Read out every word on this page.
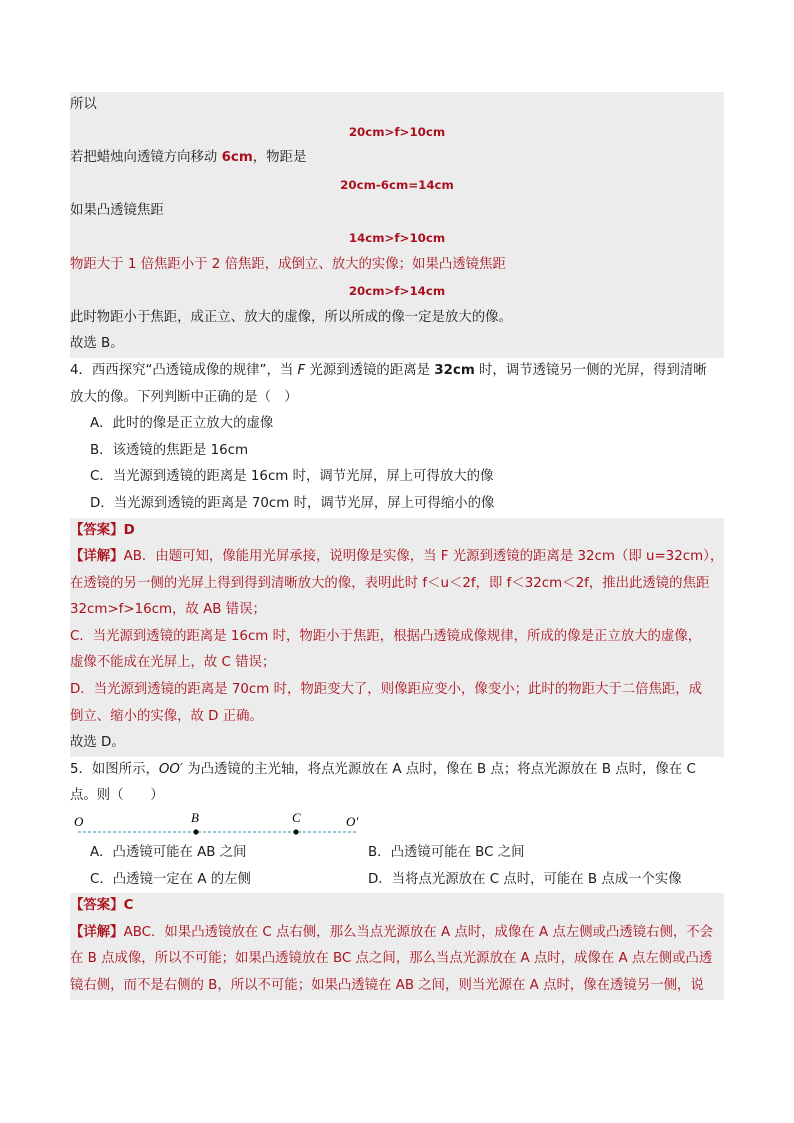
所以
20cm>f>10cm
若把蜡烛向透镜方向移动 6cm，物距是
20cm-6cm=14cm
如果凸透镜焦距
14cm>f>10cm
物距大于 1 倍焦距小于 2 倍焦距，成倒立、放大的实像；如果凸透镜焦距
20cm>f>14cm
此时物距小于焦距，成正立、放大的虚像，所以所成的像一定是放大的像。
故选 B。
4．西西探究“凸透镜成像的规律”，当 F 光源到透镜的距离是 32cm 时，调节透镜另一侧的光屏，得到清晰
放大的像。下列判断中正确的是（　）
A．此时的像是正立放大的虚像
B．该透镜的焦距是 16cm
C．当光源到透镜的距离是 16cm 时，调节光屏，屏上可得放大的像
D．当光源到透镜的距离是 70cm 时，调节光屏，屏上可得缩小的像
【答案】D
【详解】AB．由题可知，像能用光屏承接，说明像是实像，当 F 光源到透镜的距离是 32cm（即 u=32cm），
在透镜的另一侧的光屏上得到得到清晰放大的像，表明此时 f＜u＜2f，即 f＜32cm＜2f，推出此透镜的焦距
32cm>f>16cm，故 AB 错误；
C．当光源到透镜的距离是 16cm 时，物距小于焦距，根据凸透镜成像规律，所成的像是正立放大的虚像，
虚像不能成在光屏上，故 C 错误；
D．当光源到透镜的距离是 70cm 时，物距变大了，则像距应变小，像变小；此时的物距大于二倍焦距，成
倒立、缩小的实像，故 D 正确。
故选 D。
5．如图所示，OO′ 为凸透镜的主光轴，将点光源放在 A 点时，像在 B 点；将点光源放在 B 点时，像在 C
点。则（　　）
O	B	C	O′
A．凸透镜可能在 AB 之间	B．凸透镜可能在 BC 之间
C．凸透镜一定在 A 的左侧	D．当将点光源放在 C 点时，可能在 B 点成一个实像
【答案】C
【详解】ABC．如果凸透镜放在 C 点右侧，那么当点光源放在 A 点时，成像在 A 点左侧或凸透镜右侧，不会
在 B 点成像，所以不可能；如果凸透镜放在 BC 点之间，那么当点光源放在 A 点时，成像在 A 点左侧或凸透
镜右侧，而不是右侧的 B，所以不可能；如果凸透镜在 AB 之间，则当光源在 A 点时，像在透镜另一侧，说
